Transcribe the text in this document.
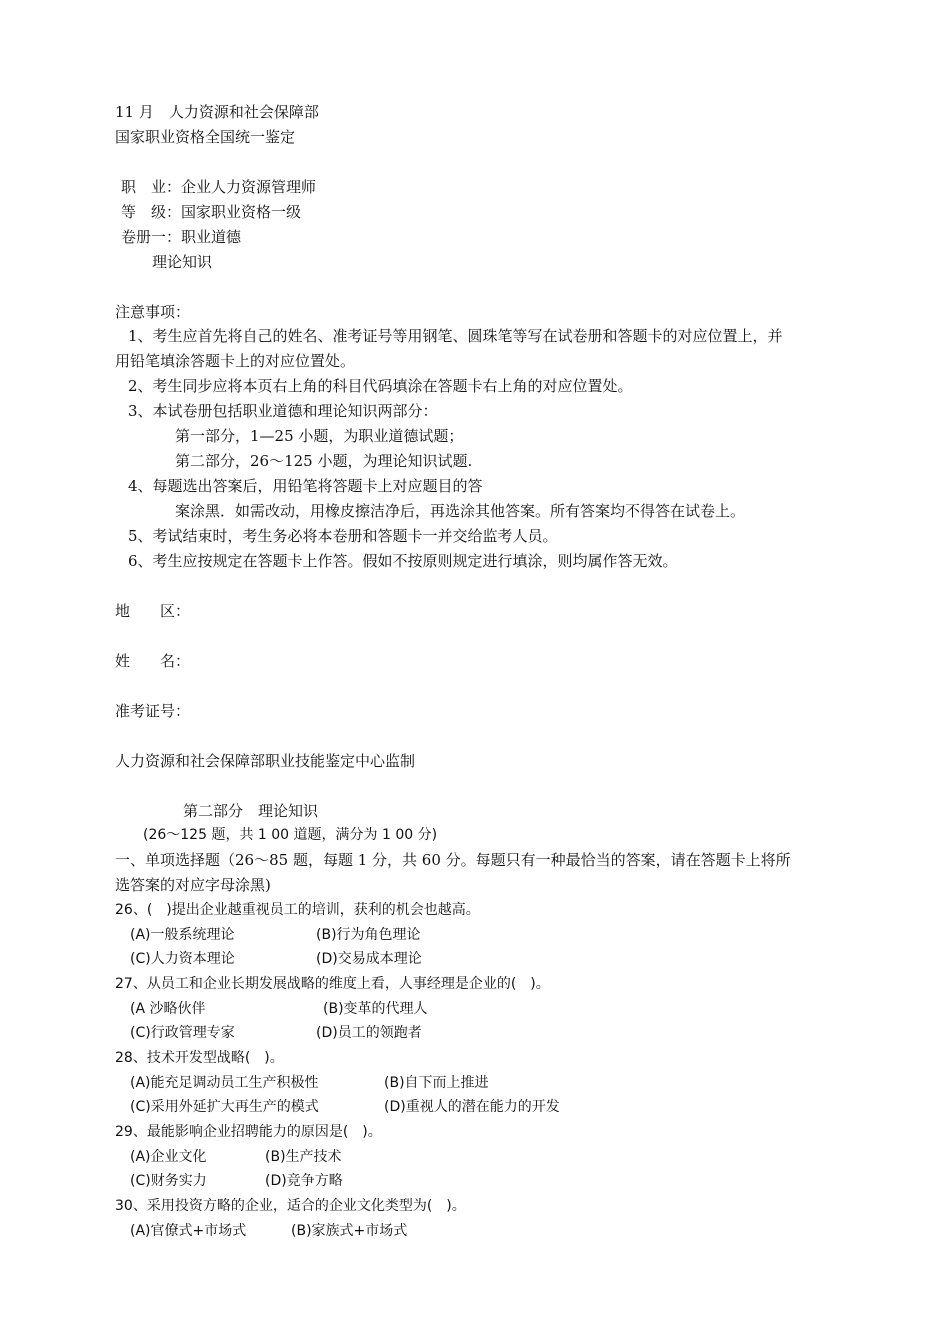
11 月　人力资源和社会保障部
国家职业资格全国统一鉴定
职　业：企业人力资源管理师
等　级：国家职业资格一级
卷册一：职业道德
理论知识
注意事项：
1、考生应首先将自己的姓名、准考证号等用钢笔、圆珠笔等写在试卷册和答题卡的对应位置上，并
用铅笔填涂答题卡上的对应位置处。
2、考生同步应将本页右上角的科目代码填涂在答题卡右上角的对应位置处。
3、本试卷册包括职业道德和理论知识两部分：
第一部分，1—25 小题，为职业道德试题；
第二部分，26～125 小题，为理论知识试题.
4、每题选出答案后，用铅笔将答题卡上对应题目的答
案涂黑．如需改动，用橡皮擦洁净后，再选涂其他答案。所有答案均不得答在试卷上。
5、考试结束时，考生务必将本卷册和答题卡一并交给监考人员。
6、考生应按规定在答题卡上作答。假如不按原则规定进行填涂，则均属作答无效。
地　　区：
姓　　名：
准考证号：
人力资源和社会保障部职业技能鉴定中心监制
第二部分　理论知识
(26～125 题，共 1 00 道题，满分为 1 00 分)
一、单项选择题（26～85 题，每题 1 分，共 60 分。每题只有一种最恰当的答案，请在答题卡上将所
选答案的对应字母涂黑)
26、(　)提出企业越重视员工的培训，获利的机会也越高。
(A)一般系统理论	(B)行为角色理论
(C)人力资本理论	(D)交易成本理论
27、从员工和企业长期发展战略的维度上看，人事经理是企业的(　)。
(A 沙略伙伴	(B)变革的代理人
(C)行政管理专家	(D)员工的领跑者
28、技术开发型战略(　)。
(A)能充足调动员工生产积极性	(B)自下而上推进
(C)采用外延扩大再生产的模式	(D)重视人的潜在能力的开发
29、最能影响企业招聘能力的原因是(　)。
(A)企业文化	(B)生产技术
(C)财务实力	(D)竞争方略
30、采用投资方略的企业，适合的企业文化类型为(　)。
(A)官僚式+市场式	(B)家族式+市场式
